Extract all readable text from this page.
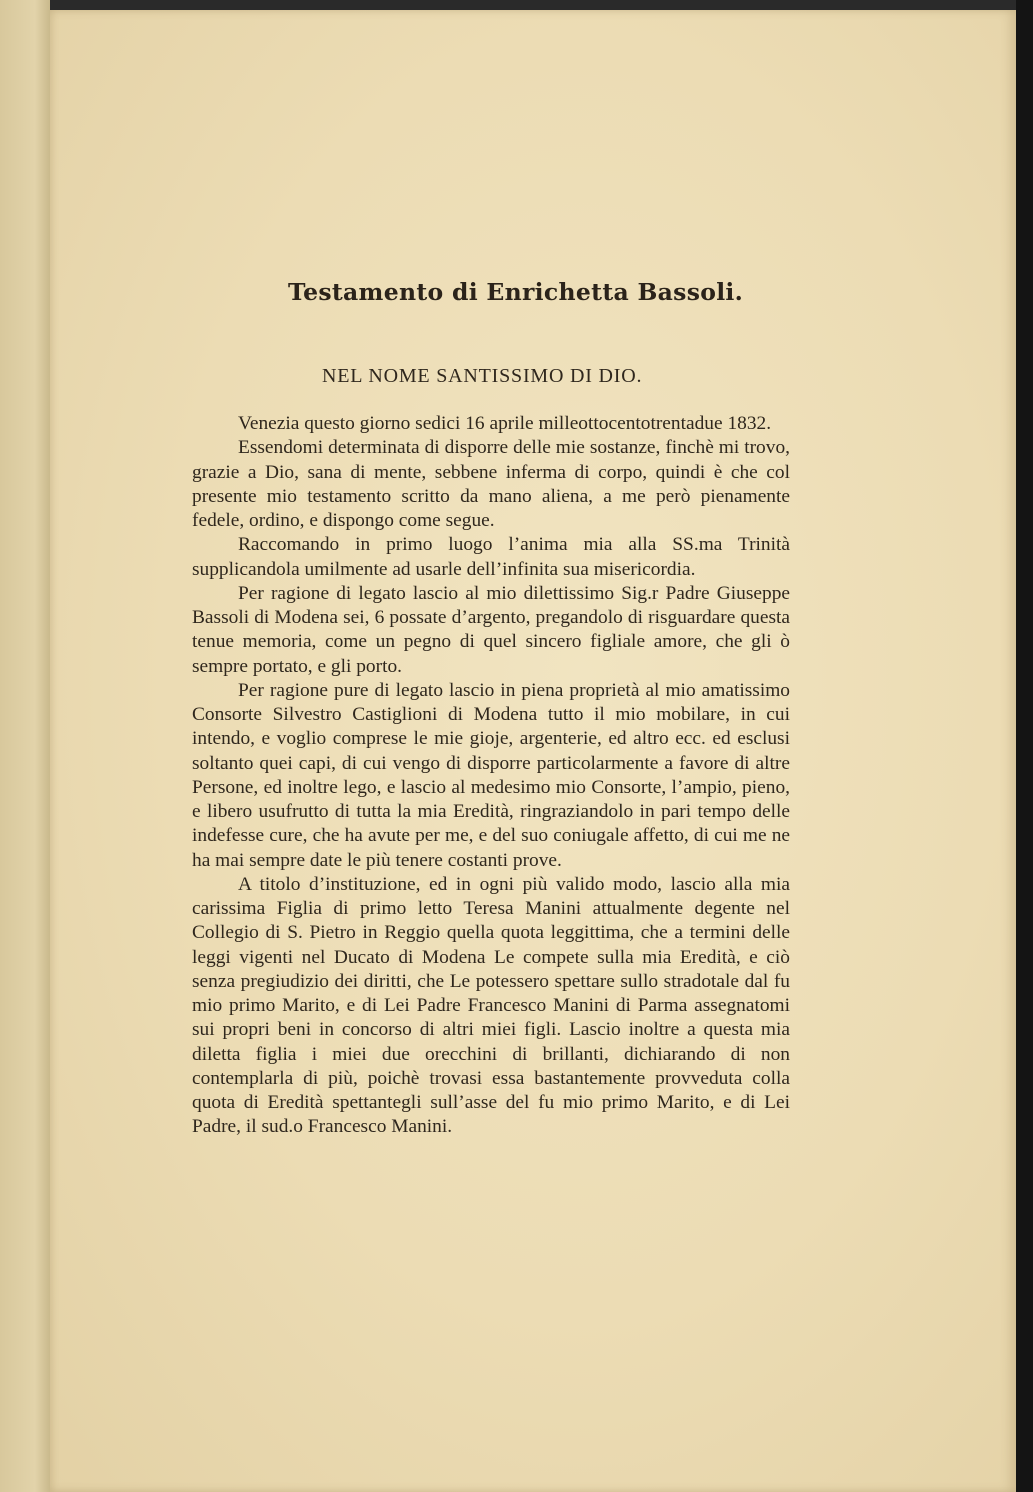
Testamento di Enrichetta Bassoli.
NEL NOME SANTISSIMO DI DIO.

Venezia questo giorno sedici 16 aprile milleottocentotrentadue 1832.

Essendomi determinata di disporre delle mie sostanze, finchè mi trovo, grazie a Dio, sana di mente, sebbene inferma di corpo, quindi è che col presente mio testamento scritto da mano aliena, a me però pienamente fedele, ordino, e dispongo come segue.

Raccomando in primo luogo l’anima mia alla SS.ma Trinità supplicandola umilmente ad usarle dell’infinita sua misericordia.

Per ragione di legato lascio al mio dilettissimo Sig.r Padre Giuseppe Bassoli di Modena sei, 6 possate d’argento, pregandolo di risguardare questa tenue memoria, come un pegno di quel sincero figliale amore, che gli ò sempre portato, e gli porto.

Per ragione pure di legato lascio in piena proprietà al mio amatissimo Consorte Silvestro Castiglioni di Modena tutto il mio mobilare, in cui intendo, e voglio comprese le mie gioje, argenterie, ed altro ecc. ed esclusi soltanto quei capi, di cui vengo di disporre particolarmente a favore di altre Persone, ed inoltre lego, e lascio al medesimo mio Consorte, l’ampio, pieno, e libero usufrutto di tutta la mia Eredità, ringraziandolo in pari tempo delle indefesse cure, che ha avute per me, e del suo coniugale affetto, di cui me ne ha mai sempre date le più tenere costanti prove.

A titolo d’instituzione, ed in ogni più valido modo, lascio alla mia carissima Figlia di primo letto Teresa Manini attualmente degente nel Collegio di S. Pietro in Reggio quella quota leggittima, che a termini delle leggi vigenti nel Ducato di Modena Le compete sulla mia Eredità, e ciò senza pregiudizio dei diritti, che Le potessero spettare sullo stradotale dal fu mio primo Marito, e di Lei Padre Francesco Manini di Parma assegnatomi sui propri beni in concorso di altri miei figli. Lascio inoltre a questa mia diletta figlia i miei due orecchini di brillanti, dichiarando di non contemplarla di più, poichè trovasi essa bastantemente provveduta colla quota di Eredità spettantegli sull’asse del fu mio primo Marito, e di Lei Padre, il sud.o Francesco Manini.
